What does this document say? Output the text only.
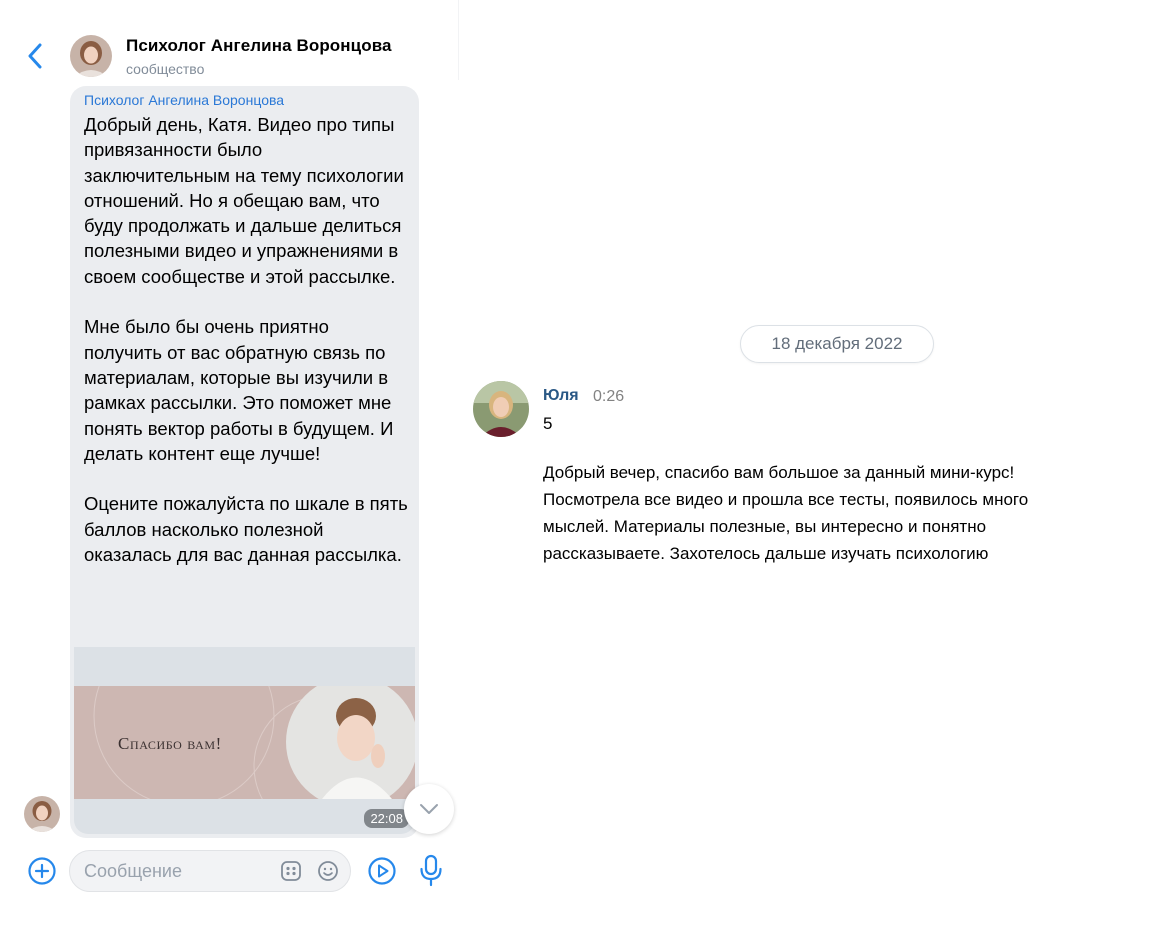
Психолог Ангелина Воронцова
сообщество
Психолог Ангелина Воронцова
Добрый день, Катя. Видео про типы привязанности было заключительным на тему психологии отношений. Но я обещаю вам, что буду продолжать и дальше делиться полезными видео и упражнениями в своем сообществе и этой рассылке.

Мне было бы очень приятно получить от вас обратную связь по материалам, которые вы изучили в рамках рассылки. Это поможет мне понять вектор работы в будущем. И делать контент еще лучше!

Оцените пожалуйста по шкале в пять баллов насколько полезной оказалась для вас данная рассылка.
Спасибо вам!
22:08
Сообщение
18 декабря 2022
Юля 0:26
5
Добрый вечер, спасибо вам большое за данный мини-курс!
Посмотрела все видео и прошла все тесты, появилось много
мыслей. Материалы полезные, вы интересно и понятно
рассказываете. Захотелось дальше изучать психологию
